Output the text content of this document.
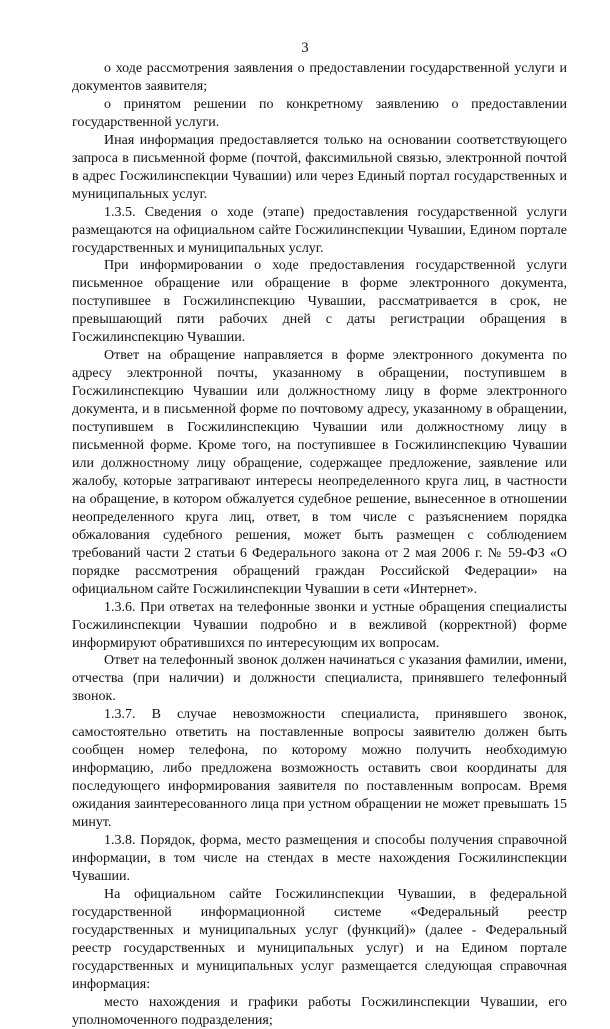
3

о ходе рассмотрения заявления о предоставлении государственной услуги и документов заявителя;

о принятом решении по конкретному заявлению о предоставлении государственной услуги.

Иная информация предоставляется только на основании соответствующего запроса в письменной форме (почтой, факсимильной связью, электронной почтой в адрес Госжилинспекции Чувашии) или через Единый портал государственных и муниципальных услуг.

1.3.5. Сведения о ходе (этапе) предоставления государственной услуги размещаются на официальном сайте Госжилинспекции Чувашии, Едином портале государственных и муниципальных услуг.

При информировании о ходе предоставления государственной услуги письменное обращение или обращение в форме электронного документа, поступившее в Госжилинспекцию Чувашии, рассматривается в срок, не превышающий пяти рабочих дней с даты регистрации обращения в Госжилинспекцию Чувашии.

Ответ на обращение направляется в форме электронного документа по адресу электронной почты, указанному в обращении, поступившем в Госжилинспекцию Чувашии или должностному лицу в форме электронного документа, и в письменной форме по почтовому адресу, указанному в обращении, поступившем в Госжилинспекцию Чувашии или должностному лицу в письменной форме. Кроме того, на поступившее в Госжилинспекцию Чувашии или должностному лицу обращение, содержащее предложение, заявление или жалобу, которые затрагивают интересы неопределенного круга лиц, в частности на обращение, в котором обжалуется судебное решение, вынесенное в отношении неопределенного круга лиц, ответ, в том числе с разъяснением порядка обжалования судебного решения, может быть размещен с соблюдением требований части 2 статьи 6 Федерального закона от 2 мая 2006 г. № 59-ФЗ «О порядке рассмотрения обращений граждан Российской Федерации» на официальном сайте Госжилинспекции Чувашии в сети «Интернет».

1.3.6. При ответах на телефонные звонки и устные обращения специалисты Госжилинспекции Чувашии подробно и в вежливой (корректной) форме информируют обратившихся по интересующим их вопросам.

Ответ на телефонный звонок должен начинаться с указания фамилии, имени, отчества (при наличии) и должности специалиста, принявшего телефонный звонок.

1.3.7. В случае невозможности специалиста, принявшего звонок, самостоятельно ответить на поставленные вопросы заявителю должен быть сообщен номер телефона, по которому можно получить необходимую информацию, либо предложена возможность оставить свои координаты для последующего информирования заявителя по поставленным вопросам. Время ожидания заинтересованного лица при устном обращении не может превышать 15 минут.

1.3.8. Порядок, форма, место размещения и способы получения справочной информации, в том числе на стендах в месте нахождения Госжилинспекции Чувашии.

На официальном сайте Госжилинспекции Чувашии, в федеральной государственной информационной системе «Федеральный реестр государственных и муниципальных услуг (функций)» (далее - Федеральный реестр государственных и муниципальных услуг) и на Едином портале государственных и муниципальных услуг размещается следующая справочная информация:

место нахождения и графики работы Госжилинспекции Чувашии, его уполномоченного подразделения;
